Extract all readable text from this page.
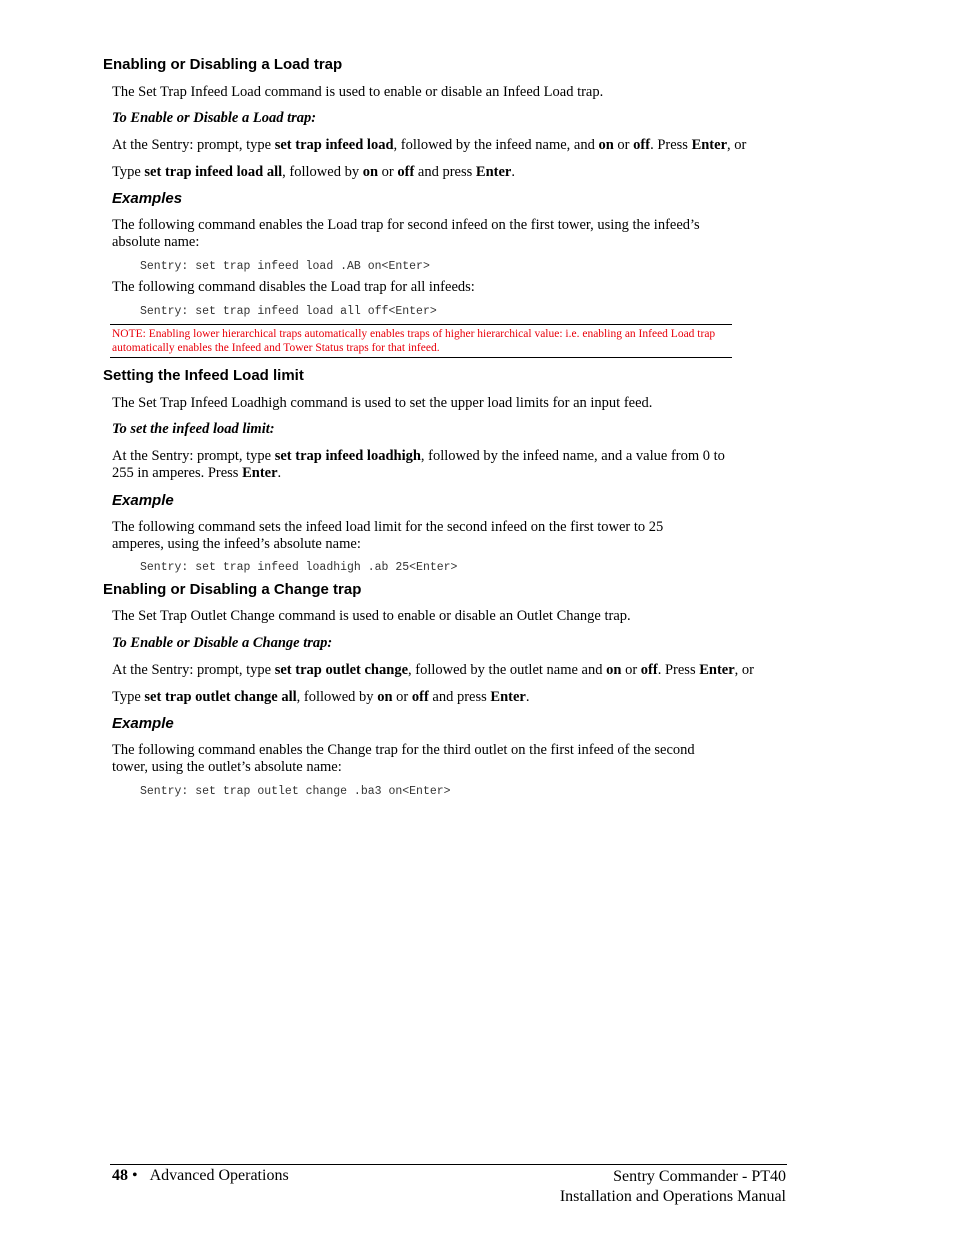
Enabling or Disabling a Load trap
The Set Trap Infeed Load command is used to enable or disable an Infeed Load trap.
To Enable or Disable a Load trap:
At the Sentry: prompt, type set trap infeed load, followed by the infeed name, and on or off. Press Enter, or
Type set trap infeed load all, followed by on or off and press Enter.
Examples
The following command enables the Load trap for second infeed on the first tower, using the infeed’s absolute name:
Sentry: set trap infeed load .AB on<Enter>
The following command disables the Load trap for all infeeds:
Sentry: set trap infeed load all off<Enter>
NOTE: Enabling lower hierarchical traps automatically enables traps of higher hierarchical value: i.e. enabling an Infeed Load trap automatically enables the Infeed and Tower Status traps for that infeed.
Setting the Infeed Load limit
The Set Trap Infeed Loadhigh command is used to set the upper load limits for an input feed.
To set the infeed load limit:
At the Sentry: prompt, type set trap infeed loadhigh, followed by the infeed name, and a value from 0 to 255 in amperes. Press Enter.
Example
The following command sets the infeed load limit for the second infeed on the first tower to 25 amperes, using the infeed’s absolute name:
Sentry: set trap infeed loadhigh .ab 25<Enter>
Enabling or Disabling a Change trap
The Set Trap Outlet Change command is used to enable or disable an Outlet Change trap.
To Enable or Disable a Change trap:
At the Sentry: prompt, type set trap outlet change, followed by the outlet name and on or off. Press Enter, or
Type set trap outlet change all, followed by on or off and press Enter.
Example
The following command enables the Change trap for the third outlet on the first infeed of the second tower, using the outlet’s absolute name:
Sentry: set trap outlet change .ba3 on<Enter>
48 • Advanced Operations	Sentry Commander - PT40
Installation and Operations Manual
